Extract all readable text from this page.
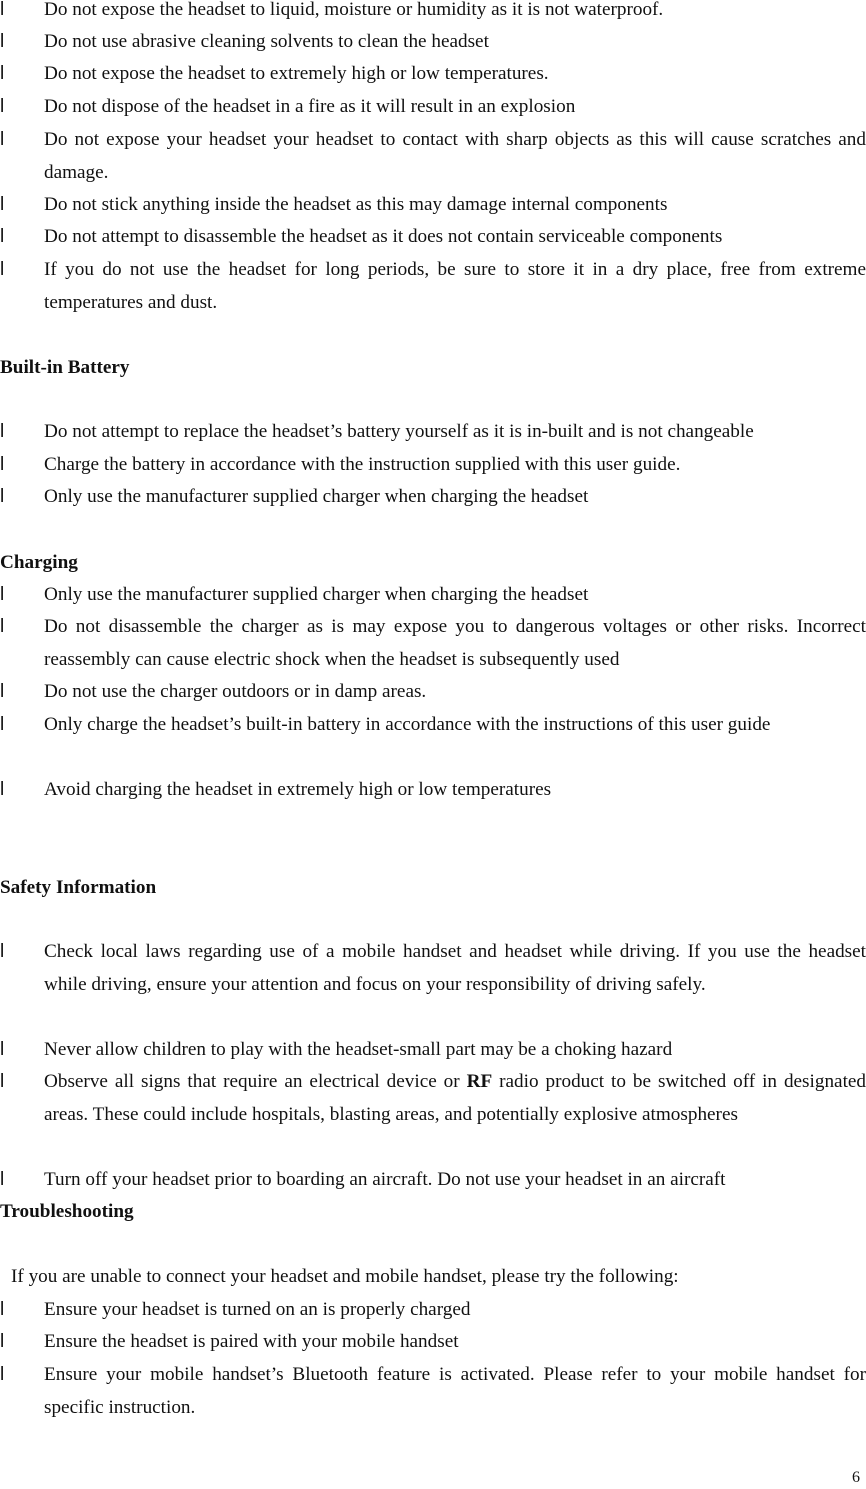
l	Do not expose the headset to liquid, moisture or humidity as it is not waterproof.
l	Do not use abrasive cleaning solvents to clean the headset
l	Do not expose the headset to extremely high or low temperatures.
l	Do not dispose of the headset in a fire as it will result in an explosion
l	Do not expose your headset your headset to contact with sharp objects as this will cause scratches and damage.
l	Do not stick anything inside the headset as this may damage internal components
l	Do not attempt to disassemble the headset as it does not contain serviceable components
l	If you do not use the headset for long periods, be sure to store it in a dry place, free from extreme temperatures and dust.
Built-in Battery
l	Do not attempt to replace the headset’s battery yourself as it is in-built and is not changeable
l	Charge the battery in accordance with the instruction supplied with this user guide.
l	Only use the manufacturer supplied charger when charging the headset
Charging
l	Only use the manufacturer supplied charger when charging the headset
l	Do not disassemble the charger as is may expose you to dangerous voltages or other risks. Incorrect reassembly can cause electric shock when the headset is subsequently used
l	Do not use the charger outdoors or in damp areas.
l	Only charge the headset’s built-in battery in accordance with the instructions of this user guide
l	Avoid charging the headset in extremely high or low temperatures
Safety Information
l	Check local laws regarding use of a mobile handset and headset while driving. If you use the headset while driving, ensure your attention and focus on your responsibility of driving safely.
l	Never allow children to play with the headset-small part may be a choking hazard
l	Observe all signs that require an electrical device or RF radio product to be switched off in designated areas. These could include hospitals, blasting areas, and potentially explosive atmospheres
l	Turn off your headset prior to boarding an aircraft. Do not use your headset in an aircraft
Troubleshooting
If you are unable to connect your headset and mobile handset, please try the following:
l	Ensure your headset is turned on an is properly charged
l	Ensure the headset is paired with your mobile handset
l	Ensure your mobile handset’s Bluetooth feature is activated. Please refer to your mobile handset for specific instruction.
6
